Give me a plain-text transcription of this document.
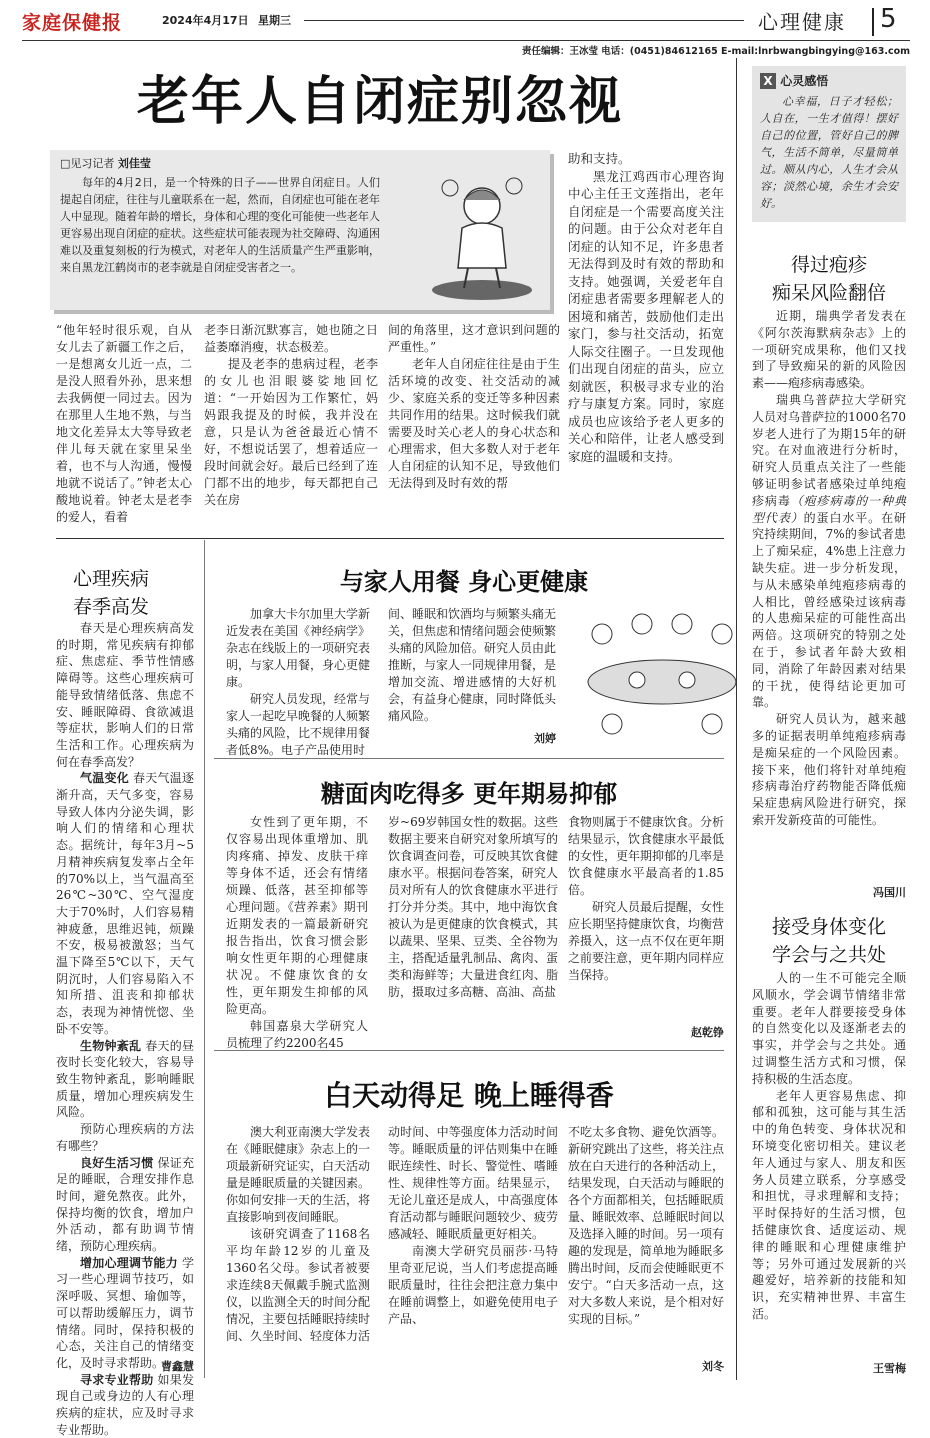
家庭保健报	2024年4月17日 星期三	心理健康 5
责任编辑：王冰莹 电话：(0451)84612165 E-mail:lnrbwangbingying@163.com
老年人自闭症别忽视
□见习记者 刘佳莹
每年的4月2日，是一个特殊的日子——世界自闭症日。人们提起自闭症，往往与儿童联系在一起，然而，自闭症也可能在老年人中显现。随着年龄的增长，身体和心理的变化可能使一些老年人更容易出现自闭症的症状。这些症状可能表现为社交障碍、沟通困难以及重复刻板的行为模式，对老年人的生活质量产生严重影响，来自黑龙江鹤岗市的老李就是自闭症受害者之一。
“他年轻时很乐观，自从女儿去了新疆工作之后，一是想离女儿近一点，二是没人照看外孙，思来想去我俩便一同过去。因为在那里人生地不熟，与当地文化差异太大等导致老伴儿每天就在家里呆坐着，也不与人沟通，慢慢地就不说话了。”钟老太心酸地说着。钟老太是老李的爱人，看着

老李日渐沉默寡言，她也随之日益萎靡消瘦，状态极差。

提及老李的患病过程，老李的女儿也泪眼婆娑地回忆道：“一开始因为工作繁忙，妈妈跟我提及的时候，我并没在意，只是认为爸爸最近心情不好，不想说话罢了，想着适应一段时间就会好。最后已经到了连门都不出的地步，每天都把自己关在房

间的角落里，这才意识到问题的严重性。”

老年人自闭症往往是由于生活环境的改变、社交活动的减少、家庭关系的变迁等多种因素共同作用的结果。这时候我们就需要及时关心老人的身心状态和心理需求，但大多数人对于老年人自闭症的认知不足，导致他们无法得到及时有效的帮

助和支持。

黑龙江鸡西市心理咨询中心主任王文莲指出，老年自闭症是一个需要高度关注的问题。由于公众对老年自闭症的认知不足，许多患者无法得到及时有效的帮助和支持。她强调，关爱老年自闭症患者需要多理解老人的困境和痛苦，鼓励他们走出家门，参与社交活动，拓宽人际交往圈子。一旦发现他们出现自闭症的苗头，应立刻就医，积极寻求专业的治疗与康复方案。同时，家庭成员也应该给予老人更多的关心和陪伴，让老人感受到家庭的温暖和支持。

X 心灵感悟
心幸福，日子才轻松；人自在，一生才值得！摆好自己的位置，管好自己的脾气，生活不简单，尽量简单过。顺从内心，人生才会从容；淡然心境，余生才会安好。
得过疱疹
痴呆风险翻倍

近期，瑞典学者发表在《阿尔茨海默病杂志》上的一项研究成果称，他们又找到了导致痴呆的新的风险因素——疱疹病毒感染。

瑞典乌普萨拉大学研究人员对乌普萨拉的1000名70岁老人进行了为期15年的研究。在对血液进行分析时，研究人员重点关注了一些能够证明参试者感染过单纯疱疹病毒（疱疹病毒的一种典型代表）的蛋白水平。在研究持续期间，7%的参试者患上了痴呆症，4%患上注意力缺失症。进一步分析发现，与从未感染单纯疱疹病毒的人相比，曾经感染过该病毒的人患痴呆症的可能性高出两倍。这项研究的特别之处在于，参试者年龄大致相同，消除了年龄因素对结果的干扰，使得结论更加可靠。

研究人员认为，越来越多的证据表明单纯疱疹病毒是痴呆症的一个风险因素。接下来，他们将针对单纯疱疹病毒治疗药物能否降低痴呆症患病风险进行研究，探索开发新疫苗的可能性。

冯国川
接受身体变化
学会与之共处

人的一生不可能完全顺风顺水，学会调节情绪非常重要。老年人群要接受身体的自然变化以及逐渐老去的事实，并学会与之共处。通过调整生活方式和习惯，保持积极的生活态度。

老年人更容易焦虑、抑郁和孤独，这可能与其生活中的角色转变、身体状况和环境变化密切相关。建议老年人通过与家人、朋友和医务人员建立联系，分享感受和担忧，寻求理解和支持；平时保持好的生活习惯，包括健康饮食、适度运动、规律的睡眠和心理健康维护等；另外可通过发展新的兴趣爱好，培养新的技能和知识，充实精神世界、丰富生活。

王雪梅
心理疾病
春季高发

春天是心理疾病高发的时期，常见疾病有抑郁症、焦虑症、季节性情感障碍等。这些心理疾病可能导致情绪低落、焦虑不安、睡眠障碍、食欲减退等症状，影响人们的日常生活和工作。心理疾病为何在春季高发？

气温变化 春天气温逐渐升高，天气多变，容易导致人体内分泌失调，影响人们的情绪和心理状态。据统计，每年3月~5月精神疾病复发率占全年的70%以上，当气温高至26℃~30℃、空气湿度大于70%时，人们容易精神疲惫，思维迟钝，烦躁不安，极易被激怒；当气温下降至5℃以下，天气阴沉时，人们容易陷入不知所措、沮丧和抑郁状态，表现为神情恍惚、坐卧不安等。

生物钟紊乱 春天的昼夜时长变化较大，容易导致生物钟紊乱，影响睡眠质量，增加心理疾病发生风险。

预防心理疾病的方法有哪些？

良好生活习惯 保证充足的睡眠，合理安排作息时间，避免熬夜。此外，保持均衡的饮食，增加户外活动，都有助调节情绪，预防心理疾病。

增加心理调节能力 学习一些心理调节技巧，如深呼吸、冥想、瑜伽等，可以帮助缓解压力，调节情绪。同时，保持积极的心态，关注自己的情绪变化，及时寻求帮助。

寻求专业帮助 如果发现自己或身边的人有心理疾病的症状，应及时寻求专业帮助。

曹鑫慧
与家人用餐 身心更健康

加拿大卡尔加里大学新近发表在美国《神经病学》杂志在线版上的一项研究表明，与家人用餐，身心更健康。

研究人员发现，经常与家人一起吃早晚餐的人频繁头痛的风险，比不规律用餐者低8%。电子产品使用时

间、睡眠和饮酒均与频繁头痛无关，但焦虑和情绪问题会使频繁头痛的风险加倍。研究人员由此推断，与家人一同规律用餐，是增加交流、增进感情的大好机会，有益身心健康，同时降低头痛风险。
刘婷
糖面肉吃得多 更年期易抑郁

女性到了更年期，不仅容易出现体重增加、肌肉疼痛、掉发、皮肤干痒等身体不适，还会有情绪烦躁、低落，甚至抑郁等心理问题。《营养素》期刊近期发表的一篇最新研究报告指出，饮食习惯会影响女性更年期的心理健康状况。不健康饮食的女性，更年期发生抑郁的风险更高。

韩国嘉泉大学研究人员梳理了约2200名45

岁~69岁韩国女性的数据。这些数据主要来自研究对象所填写的饮食调查问卷，可反映其饮食健康水平。根据问卷答案，研究人员对所有人的饮食健康水平进行打分并分类。其中，地中海饮食被认为是更健康的饮食模式，其以蔬果、坚果、豆类、全谷物为主，搭配适量乳制品、禽肉、蛋类和海鲜等；大量进食红肉、脂肪，摄取过多高糖、高油、高盐

食物则属于不健康饮食。分析结果显示，饮食健康水平最低的女性，更年期抑郁的几率是饮食健康水平最高者的1.85倍。

研究人员最后提醒，女性应长期坚持健康饮食，均衡营养摄入，这一点不仅在更年期之前要注意，更年期内同样应当保持。

赵乾铮
白天动得足 晚上睡得香

澳大利亚南澳大学发表在《睡眠健康》杂志上的一项最新研究证实，白天活动量是睡眠质量的关键因素。你如何安排一天的生活，将直接影响到夜间睡眠。

该研究调查了1168名平均年龄12岁的儿童及1360名父母。参试者被要求连续8天佩戴手腕式监测仪，以监测全天的时间分配情况，主要包括睡眠持续时间、久坐时间、轻度体力活

动时间、中等强度体力活动时间等。睡眠质量的评估则集中在睡眠连续性、时长、警觉性、嗜睡性、规律性等方面。结果显示，无论儿童还是成人，中高强度体育活动都与睡眠问题较少、疲劳感减轻、睡眠质量更好相关。

南澳大学研究员丽莎·马特里奇亚尼说，当人们考虑提高睡眠质量时，往往会把注意力集中在睡前调整上，如避免使用电子产品、

不吃太多食物、避免饮酒等。新研究跳出了这些，将关注点放在白天进行的各种活动上，结果发现，白天活动与睡眠的各个方面都相关，包括睡眠质量、睡眠效率、总睡眠时间以及选择入睡的时间。另一项有趣的发现是，简单地为睡眠多腾出时间，反而会使睡眠更不安宁。“白天多活动一点，这对大多数人来说，是个相对好实现的目标。”
刘冬
